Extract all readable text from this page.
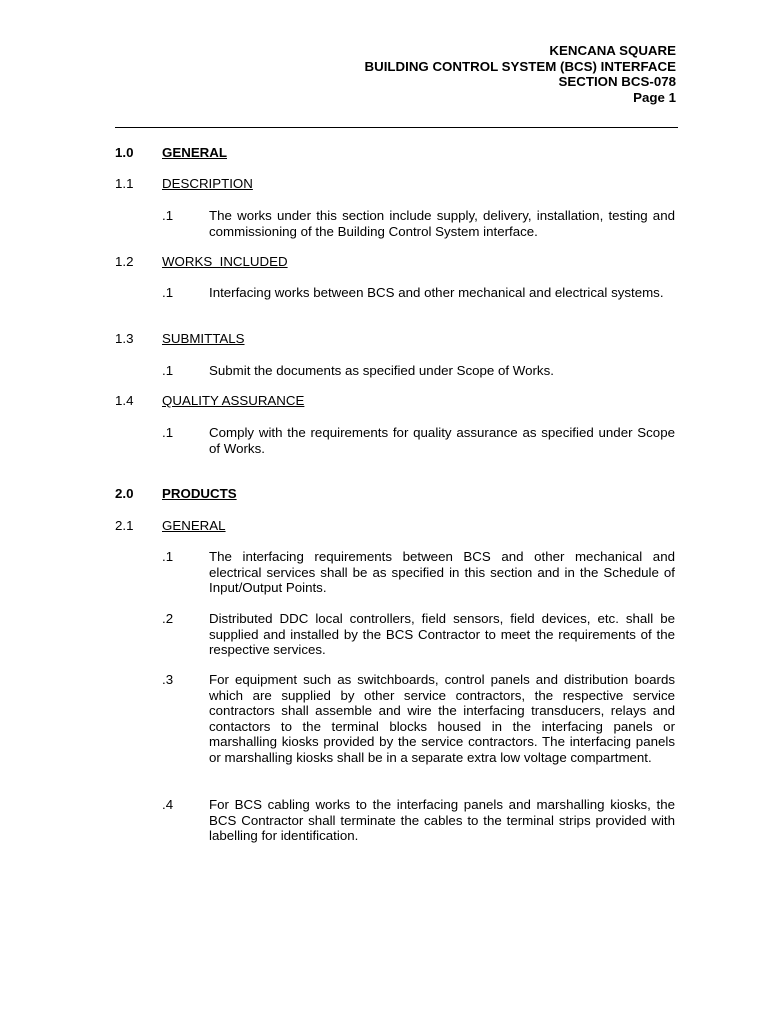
KENCANA SQUARE
BUILDING CONTROL SYSTEM (BCS) INTERFACE
SECTION BCS-078
Page 1
1.0 GENERAL
1.1 DESCRIPTION
.1	The works under this section include supply, delivery, installation, testing and commissioning of the Building Control System interface.
1.2 WORKS  INCLUDED
.1	Interfacing works between BCS and other mechanical and electrical systems.
1.3 SUBMITTALS
.1	Submit the documents as specified under Scope of Works.
1.4 QUALITY ASSURANCE
.1	Comply with the requirements for quality assurance as specified under Scope of Works.
2.0 PRODUCTS
2.1 GENERAL
.1	The interfacing requirements between BCS and other mechanical and electrical services shall be as specified in this section and in the Schedule of Input/Output Points.
.2	Distributed DDC local controllers, field sensors, field devices, etc. shall be supplied and installed by the BCS Contractor to meet the requirements of the respective services.
.3	For equipment such as switchboards, control panels and distribution boards which are supplied by other service contractors, the respective service contractors shall assemble and wire the interfacing transducers, relays and contactors to the terminal blocks housed in the interfacing panels or marshalling kiosks provided by the service contractors. The interfacing panels or marshalling kiosks shall be in a separate extra low voltage compartment.
.4	For BCS cabling works to the interfacing panels and marshalling kiosks, the BCS Contractor shall terminate the cables to the terminal strips provided with labelling for identification.
